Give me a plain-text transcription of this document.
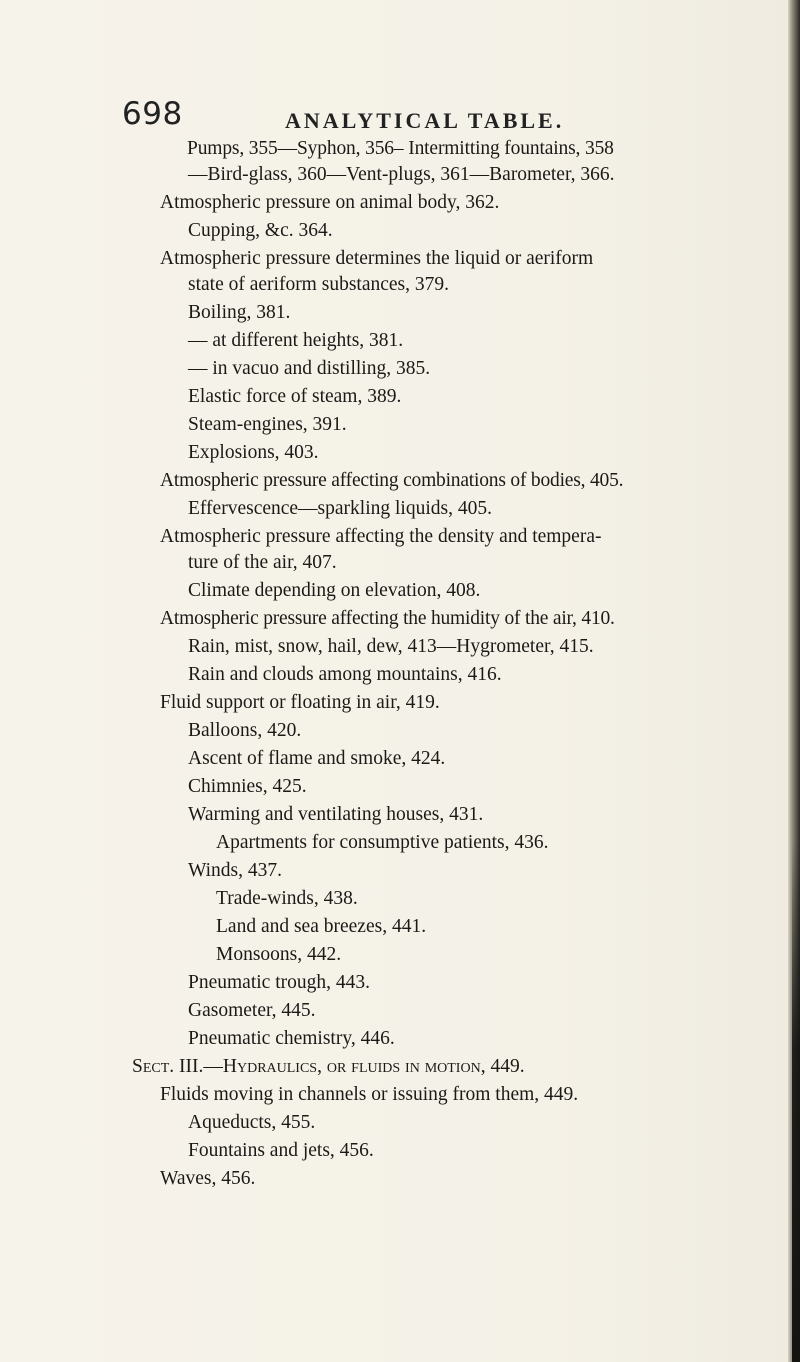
698	ANALYTICAL TABLE.
Pumps, 355—Syphon, 356– Intermitting fountains, 358
—Bird-glass, 360—Vent-plugs, 361—Barometer, 366.
Atmospheric pressure on animal body, 362.
Cupping, &c. 364.
Atmospheric pressure determines the liquid or aeriform
state of aeriform substances, 379.
Boiling, 381.
— at different heights, 381.
— in vacuo and distilling, 385.
Elastic force of steam, 389.
Steam-engines, 391.
Explosions, 403.
Atmospheric pressure affecting combinations of bodies, 405.
Effervescence—sparkling liquids, 405.
Atmospheric pressure affecting the density and tempera-
ture of the air, 407.
Climate depending on elevation, 408.
Atmospheric pressure affecting the humidity of the air, 410.
Rain, mist, snow, hail, dew, 413—Hygrometer, 415.
Rain and clouds among mountains, 416.
Fluid support or floating in air, 419.
Balloons, 420.
Ascent of flame and smoke, 424.
Chimnies, 425.
Warming and ventilating houses, 431.
Apartments for consumptive patients, 436.
Winds, 437.
Trade-winds, 438.
Land and sea breezes, 441.
Monsoons, 442.
Pneumatic trough, 443.
Gasometer, 445.
Pneumatic chemistry, 446.
Sect. III.—Hydraulics, or fluids in motion, 449.
Fluids moving in channels or issuing from them, 449.
Aqueducts, 455.
Fountains and jets, 456.
Waves, 456.
